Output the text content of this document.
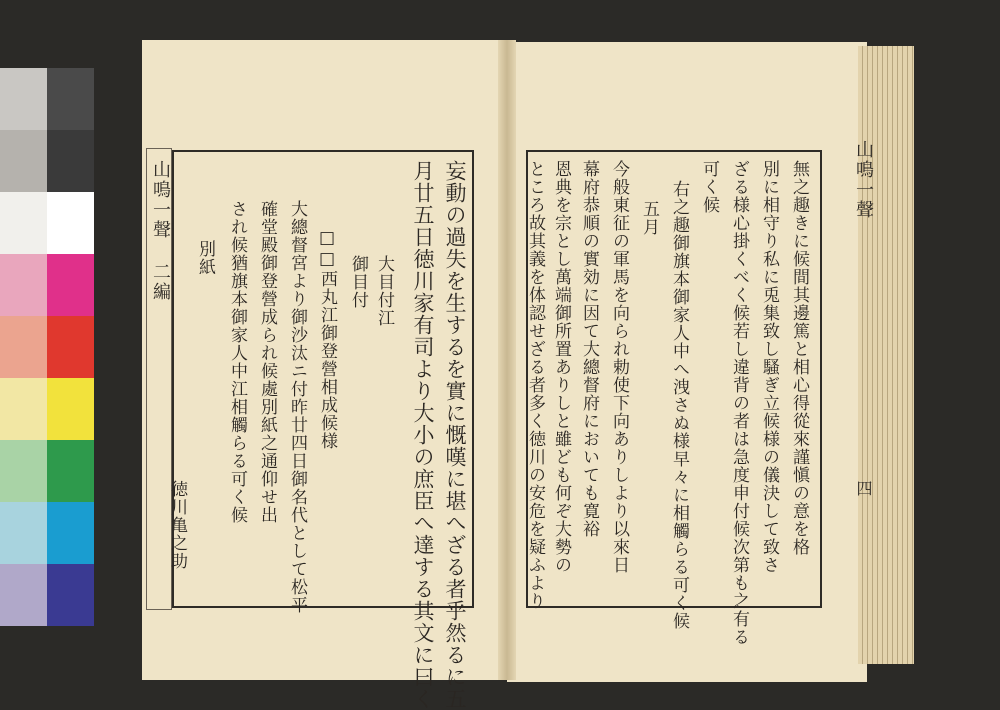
山鳴一聲
二編
山鳴一聲
四
妄動の過失を生するを實に慨嘆に堪へざる者乎然るに五
月廿五日徳川家有司より大小の庶臣へ達する其文に曰く
大目付江
御目付
□□西丸江御登營相成候様
大總督宮より御沙汰ニ付昨廿四日御名代として松平
確堂殿御登營成られ候處別紙之通仰せ出
され候猶旗本御家人中江相觸らる可く候
別紙
徳川亀之助	無之趣きに候間其邊篤と相心得從來謹愼の意を格
別に相守り私に兎集致し騷ぎ立候様の儀決して致さ
ざる様心掛くべく候若し違背の者は急度申付候次第も之有る
可く候
右之趣御旗本御家人中へ洩さぬ様早々に相觸らる可く候
五月
今般東征の軍馬を向られ勅使下向ありしより以來日
幕府恭順の實効に因て大總督府においても寛裕
恩典を宗とし萬端御所置ありしと雖ども何ぞ大勢の
ところ故其義を体認せざる者多く徳川の安危を疑ふより
